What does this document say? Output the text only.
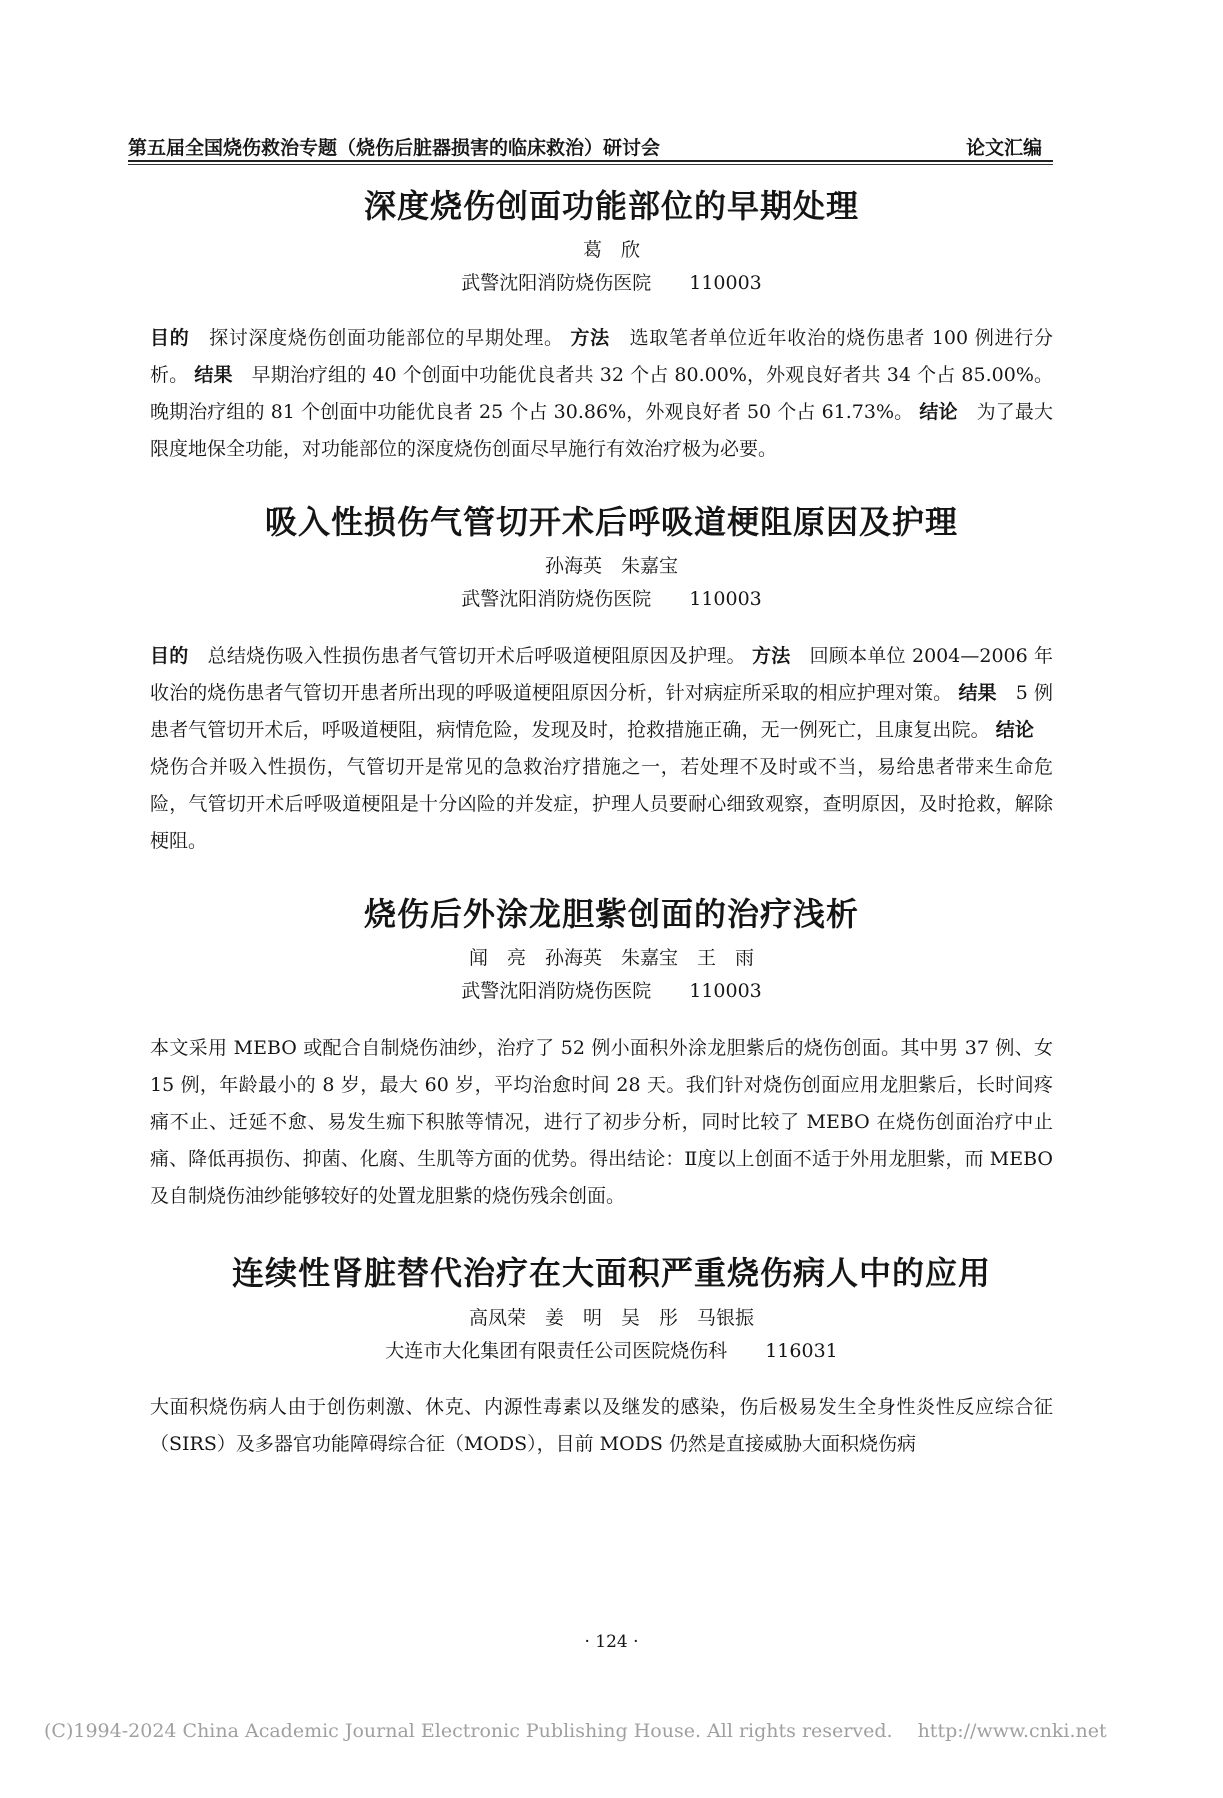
第五届全国烧伤救治专题（烧伤后脏器损害的临床救治）研讨会	论文汇编
深度烧伤创面功能部位的早期处理
葛　欣
武警沈阳消防烧伤医院　　110003

目的　探讨深度烧伤创面功能部位的早期处理。 方法　选取笔者单位近年收治的烧伤患者 100 例进行分析。 结果　早期治疗组的 40 个创面中功能优良者共 32 个占 80.00%，外观良好者共 34 个占 85.00%。晚期治疗组的 81 个创面中功能优良者 25 个占 30.86%，外观良好者 50 个占 61.73%。 结论　为了最大限度地保全功能，对功能部位的深度烧伤创面尽早施行有效治疗极为必要。

吸入性损伤气管切开术后呼吸道梗阻原因及护理
孙海英　朱嘉宝
武警沈阳消防烧伤医院　　110003

目的　总结烧伤吸入性损伤患者气管切开术后呼吸道梗阻原因及护理。 方法　回顾本单位 2004—2006 年收治的烧伤患者气管切开患者所出现的呼吸道梗阻原因分析，针对病症所采取的相应护理对策。 结果　5 例患者气管切开术后，呼吸道梗阻，病情危险，发现及时，抢救措施正确，无一例死亡，且康复出院。 结论　烧伤合并吸入性损伤，气管切开是常见的急救治疗措施之一，若处理不及时或不当，易给患者带来生命危险，气管切开术后呼吸道梗阻是十分凶险的并发症，护理人员要耐心细致观察，查明原因，及时抢救，解除梗阻。

烧伤后外涂龙胆紫创面的治疗浅析
闻　亮　孙海英　朱嘉宝　王　雨
武警沈阳消防烧伤医院　　110003

本文采用 MEBO 或配合自制烧伤油纱，治疗了 52 例小面积外涂龙胆紫后的烧伤创面。其中男 37 例、女 15 例，年龄最小的 8 岁，最大 60 岁，平均治愈时间 28 天。我们针对烧伤创面应用龙胆紫后，长时间疼痛不止、迁延不愈、易发生痂下积脓等情况，进行了初步分析，同时比较了 MEBO 在烧伤创面治疗中止痛、降低再损伤、抑菌、化腐、生肌等方面的优势。得出结论：Ⅱ度以上创面不适于外用龙胆紫，而 MEBO 及自制烧伤油纱能够较好的处置龙胆紫的烧伤残余创面。

连续性肾脏替代治疗在大面积严重烧伤病人中的应用
高凤荣　姜　明　吴　彤　马银振
大连市大化集团有限责任公司医院烧伤科　　116031

大面积烧伤病人由于创伤刺激、休克、内源性毒素以及继发的感染，伤后极易发生全身性炎性反应综合征（SIRS）及多器官功能障碍综合征（MODS），目前 MODS 仍然是直接威胁大面积烧伤病

· 124 ·
(C)1994-2024 China Academic Journal Electronic Publishing House. All rights reserved.　 http://www.cnki.net
